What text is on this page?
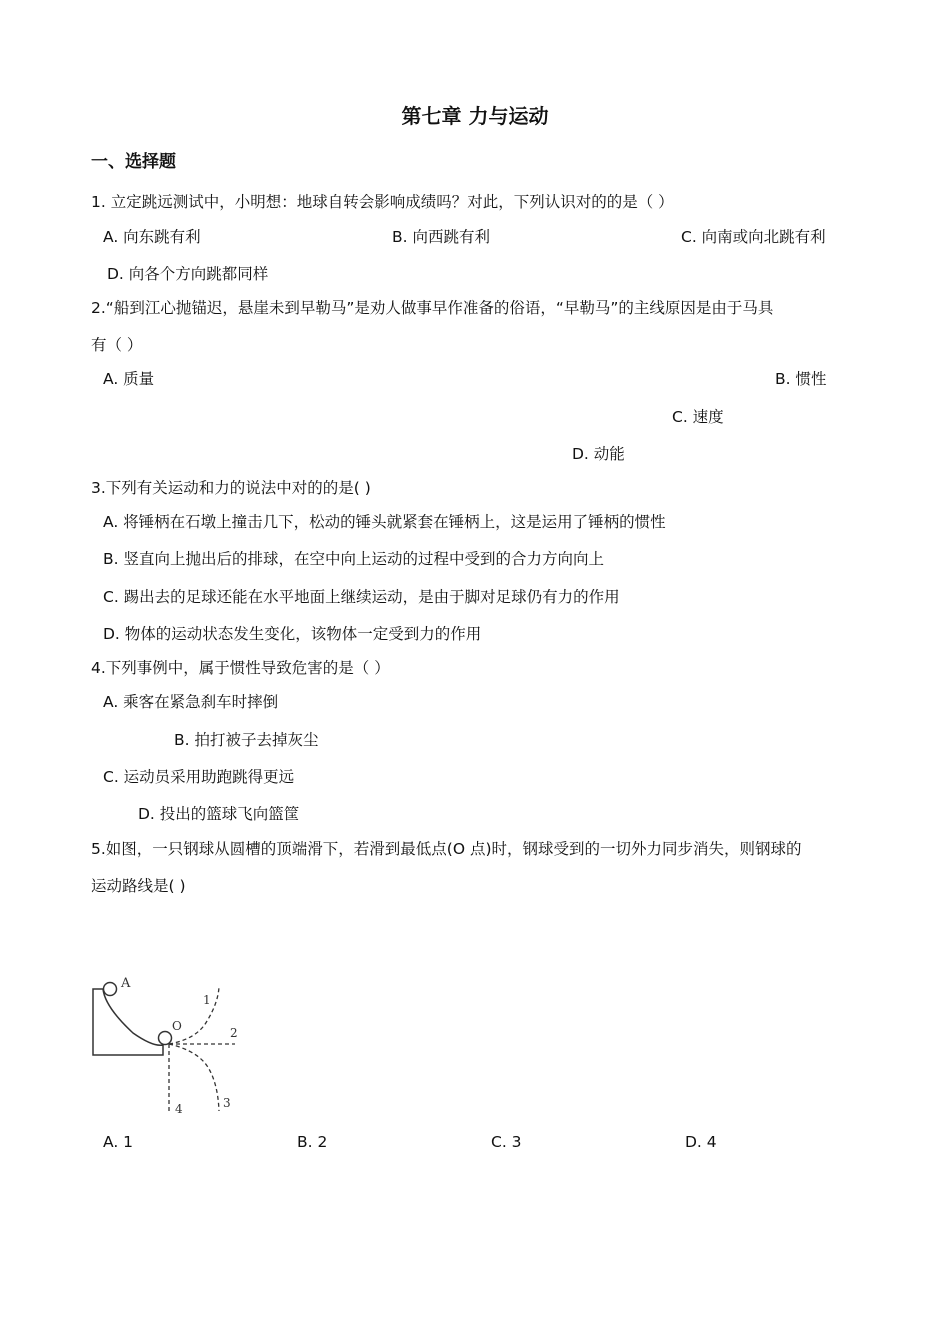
第七章 力与运动
一、选择题
1. 立定跳远测试中，小明想：地球自转会影响成绩吗？对此，下列认识对的的是（ ）
A. 向东跳有利	B. 向西跳有利	C. 向南或向北跳有利
D. 向各个方向跳都同样
2.“船到江心抛锚迟，悬崖未到早勒马”是劝人做事早作准备的俗语，“早勒马”的主线原因是由于马具
有（ ）
A. 质量	B. 惯性
C. 速度
D. 动能
3.下列有关运动和力的说法中对的的是( )
A. 将锤柄在石墩上撞击几下，松动的锤头就紧套在锤柄上，这是运用了锤柄的惯性
B. 竖直向上抛出后的排球，在空中向上运动的过程中受到的合力方向向上
C. 踢出去的足球还能在水平地面上继续运动，是由于脚对足球仍有力的作用
D. 物体的运动状态发生变化，该物体一定受到力的作用
4.下列事例中，属于惯性导致危害的是（ ）
A. 乘客在紧急刹车时摔倒
B. 拍打被子去掉灰尘
C. 运动员采用助跑跳得更远
D. 投出的篮球飞向篮筐
5.如图，一只钢球从圆槽的顶端滑下，若滑到最低点(O 点)时，钢球受到的一切外力同步消失，则钢球的
运动路线是( )
A
O
1
2
3
4
A. 1	B. 2	C. 3	D. 4
